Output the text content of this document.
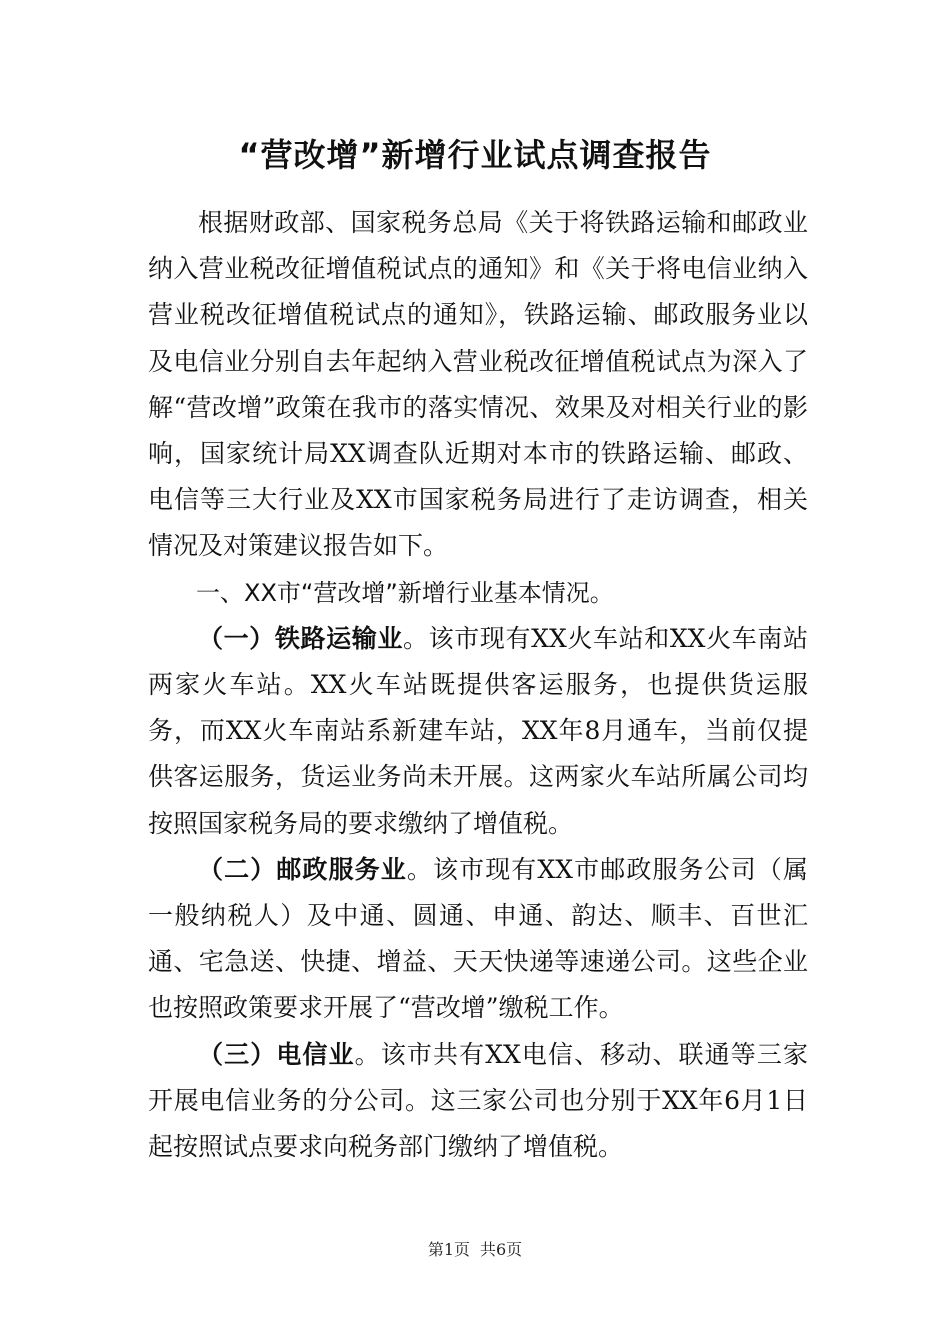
“营改增”新增行业试点调查报告

根据财政部、国家税务总局《关于将铁路运输和邮政业纳入营业税改征增值税试点的通知》和《关于将电信业纳入营业税改征增值税试点的通知》，铁路运输、邮政服务业以及电信业分别自去年起纳入营业税改征增值税试点为深入了解“营改增”政策在我市的落实情况、效果及对相关行业的影响，国家统计局XX调查队近期对本市的铁路运输、邮政、电信等三大行业及XX市国家税务局进行了走访调查，相关情况及对策建议报告如下。

一、XX市“营改增”新增行业基本情况。

（一）铁路运输业。该市现有XX火车站和XX火车南站两家火车站。XX火车站既提供客运服务，也提供货运服务，而XX火车南站系新建车站，XX年8月通车，当前仅提供客运服务，货运业务尚未开展。这两家火车站所属公司均按照国家税务局的要求缴纳了增值税。

（二）邮政服务业。该市现有XX市邮政服务公司（属一般纳税人）及中通、圆通、申通、韵达、顺丰、百世汇通、宅急送、快捷、增益、天天快递等速递公司。这些企业也按照政策要求开展了“营改增”缴税工作。

（三）电信业。该市共有XX电信、移动、联通等三家开展电信业务的分公司。这三家公司也分别于XX年6月1日起按照试点要求向税务部门缴纳了增值税。

第1页 共6页
